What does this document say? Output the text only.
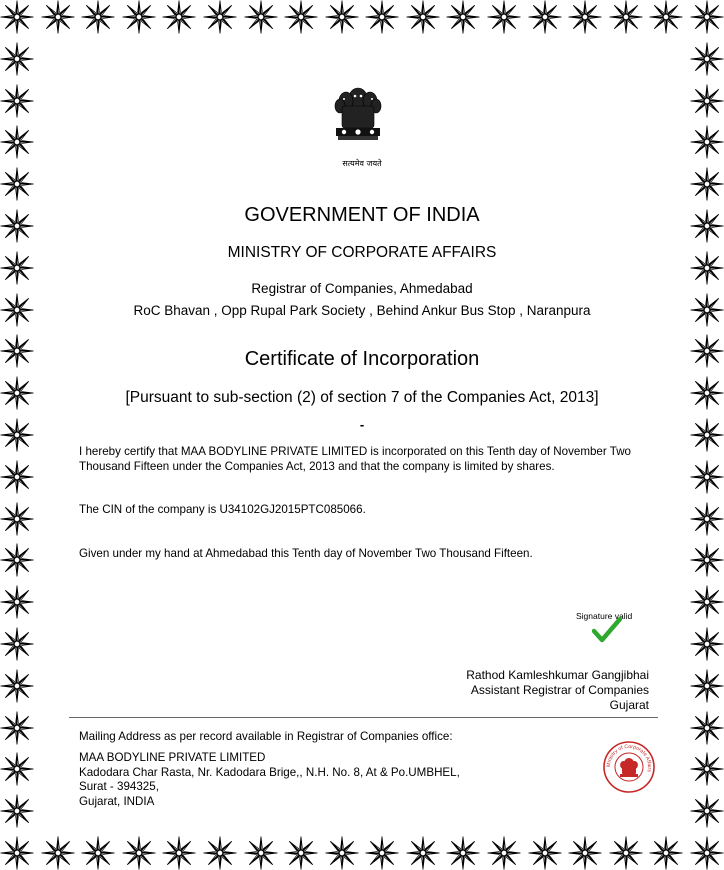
सत्यमेव जयते
GOVERNMENT OF INDIA
MINISTRY OF CORPORATE AFFAIRS
Registrar of Companies, Ahmedabad
RoC Bhavan , Opp Rupal Park Society , Behind Ankur Bus Stop , Naranpura
Certificate of Incorporation
[Pursuant to sub-section (2) of section 7 of the Companies Act, 2013]
-
I hereby certify that MAA BODYLINE PRIVATE LIMITED is incorporated on this Tenth day of November Two Thousand Fifteen under the Companies Act, 2013 and that the company is limited by shares.
The CIN of the company is U34102GJ2015PTC085066.
Given under my hand at Ahmedabad this Tenth day of November Two Thousand Fifteen.
Signature valid
Rathod Kamleshkumar Gangjibhai
Assistant Registrar of Companies
Gujarat
Mailing Address as per record available in Registrar of Companies office:
MAA BODYLINE PRIVATE LIMITED
Kadodara Char Rasta, Nr. Kadodara Brige,, N.H. No. 8, At & Po.UMBHEL,
Surat - 394325,
Gujarat, INDIA
Ministry of Corporate Affairs
